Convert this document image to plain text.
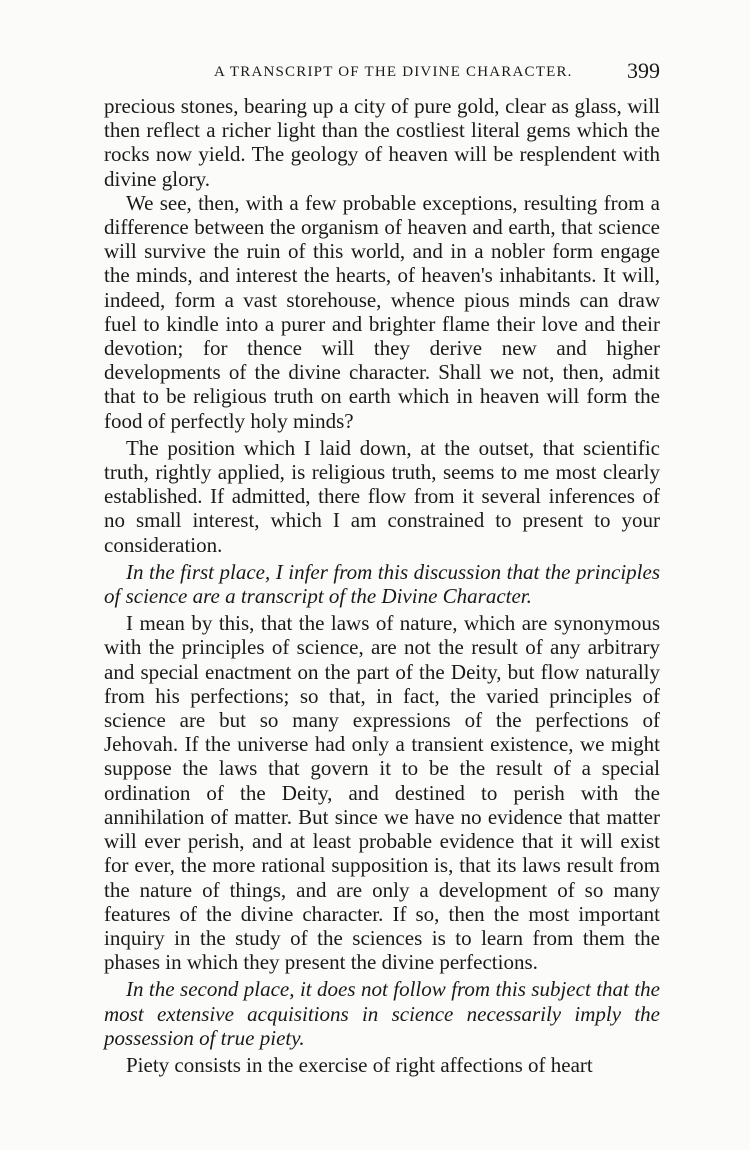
A TRANSCRIPT OF THE DIVINE CHARACTER. 399

precious stones, bearing up a city of pure gold, clear as glass, will then reflect a richer light than the costliest literal gems which the rocks now yield. The geology of heaven will be resplendent with divine glory.

We see, then, with a few probable exceptions, resulting from a difference between the organism of heaven and earth, that science will survive the ruin of this world, and in a nobler form engage the minds, and interest the hearts, of heaven's inhabitants. It will, indeed, form a vast storehouse, whence pious minds can draw fuel to kindle into a purer and brighter flame their love and their devotion; for thence will they derive new and higher developments of the divine character. Shall we not, then, admit that to be religious truth on earth which in heaven will form the food of perfectly holy minds?

The position which I laid down, at the outset, that scientific truth, rightly applied, is religious truth, seems to me most clearly established. If admitted, there flow from it several inferences of no small interest, which I am constrained to present to your consideration.

In the first place, I infer from this discussion that the principles of science are a transcript of the Divine Character.

I mean by this, that the laws of nature, which are synonymous with the principles of science, are not the result of any arbitrary and special enactment on the part of the Deity, but flow naturally from his perfections; so that, in fact, the varied principles of science are but so many expressions of the perfections of Jehovah. If the universe had only a transient existence, we might suppose the laws that govern it to be the result of a special ordination of the Deity, and destined to perish with the annihilation of matter. But since we have no evidence that matter will ever perish, and at least probable evidence that it will exist for ever, the more rational supposition is, that its laws result from the nature of things, and are only a development of so many features of the divine character. If so, then the most important inquiry in the study of the sciences is to learn from them the phases in which they present the divine perfections.

In the second place, it does not follow from this subject that the most extensive acquisitions in science necessarily imply the possession of true piety.

Piety consists in the exercise of right affections of heart
